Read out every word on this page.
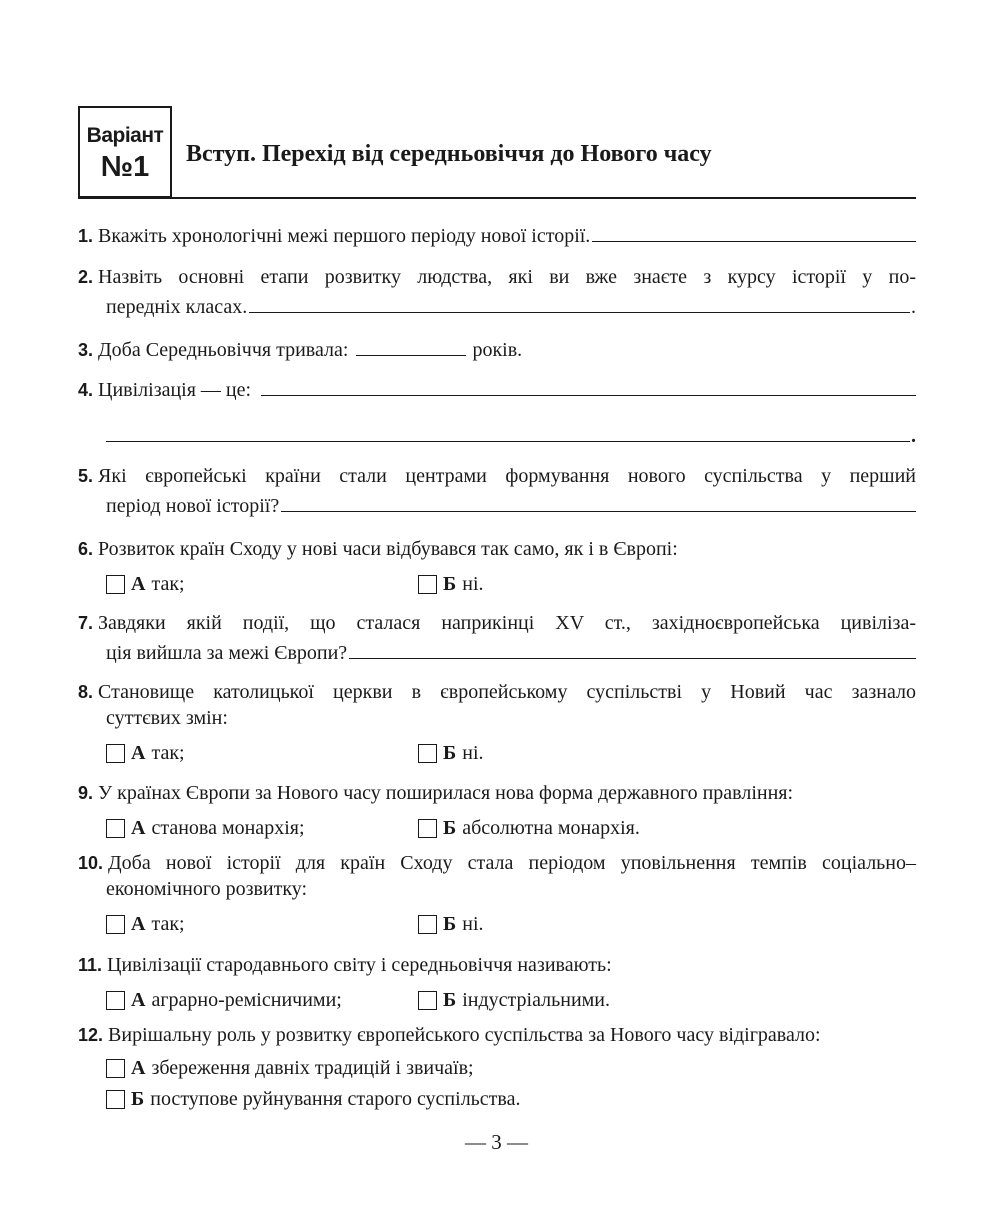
Варіант
№1	Вступ. Перехід від середньовіччя до Нового часу
1. Вкажіть хронологічні межі першого періоду нової історії.
2. Назвіть основні етапи розвитку людства, які ви вже знаєте з курсу історії у по-
передніх класах.	.
3. Доба Середньовіччя тривала:	років.
4. Цивілізація — це:
.
5. Які європейські країни стали центрами формування нового суспільства у перший
період нової історії?
6. Розвиток країн Сходу у нові часи відбувався так само, як і в Європі:
А так;	Б ні.
7. Завдяки якій події, що сталася наприкінці XV ст., західноєвропейська цивіліза-
ція вийшла за межі Європи?
8. Становище католицької церкви в європейському суспільстві у Новий час зазнало
суттєвих змін:
А так;	Б ні.
9. У країнах Європи за Нового часу поширилася нова форма державного правління:
А станова монархія;	Б абсолютна монархія.
10. Доба нової історії для країн Сходу стала періодом уповільнення темпів соціально–
економічного розвитку:
А так;	Б ні.
11. Цивілізації стародавнього світу і середньовіччя називають:
А аграрно-ремісничими;	Б індустріальними.
12. Вирішальну роль у розвитку європейського суспільства за Нового часу відігравало:
А збереження давніх традицій і звичаїв;
Б поступове руйнування старого суспільства.
— 3 —
